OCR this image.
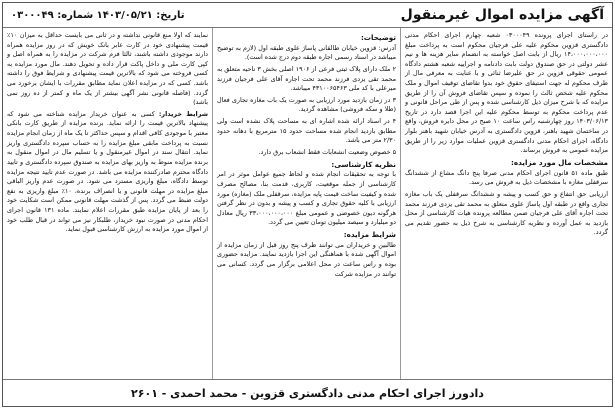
آگهی مزایده اموال غیرمنقول
تاریخ: ۱۴۰۳/۰۵/۲۱ شماره: ۰۳۰۰۰۴۹

در راستای اجرای پرونده ۰۳۰۰۰۴۹ شعبه چهارم اجرای احکام مدنی دادگستری قزوین محکوم علیه علی فرجیان محکوم است به پرداخت مبلغ ۱۴،۰۰۰،۰۰۰،۰۰۰ ریال از بابت اصل خواسته به انضمام سایر هزینه ها و نیم عشر دولتی در حق صندوق دولت بابت دادنامه و اجراییه شعبه هشتم دادگاه عمومی حقوقی قزوین در حق علیرضا ثنائی و با عنایت به معرفی مال از طرف محکوم له جهت استیفای حقوق خود بدوا تقاضای توقیف اموال و ملک محکوم علیه شخص ثالث را نموده و سپس تقاضای فروش آن را از طریق مزایده که با شرح میزان ذیل کارشناسی شده و پس از طی مراحل قانونی و عدم پرداخت محکوم به توسط محکوم علیه این اجرا قصد دارد در تاریخ ۱۴۰۳/۰۶/۱۳ روز چهارشنبه راس ساعت ۱۰ صبح در محل دایره فروش، واقع در ساختمان شهید باهنر، قزوین دادگستری به آدرس خیابان شهید باهنر بلوار دادگاه، اجرای احکام مدنی دادگستری قزوین عملیات موارد زیر را از طریق مزایده عمومی به فروش برساند.

مشخصات مال مورد مزایده:

طبق ماده ۵۱ قانون اجرای احکام مدنی صرفا پنج دانگ مشاع از ششدانگ سرقفلی مغازه با مشخصات ذیل به فروش می رسد.

ارزیابی حق انتفاع و حق کسب و پیشه و ششدانگ سرقفلی یک باب مغازه تجاری واقع در طبقه اول پاساژ علوی متعلق به محمد تقی یزدی فرزند محمد تحت اجاره آقای علی فرجیان ضمن مطالعه پرونده هیات کارشناسی از محل بازدید به عمل آورده و نظریه کارشناسی به شرح ذیل به حضور تقدیم می گردد.

توضیحات:

آدرس: قزوین خیابان طالقانی پاساژ علوی طبقه اول (لازم به توضیح میباشد در اسناد رسمی اجاره طبقه دوم درج شده است).

۲ ملک دارای پلاک ثبتی فرعی از ۱۹۰۶ اصلی بخش ۳ ناحیه متعلق به محمد تقی یزدی فرزند محمد تحت اجاره آقای علی فرجیان فرزند میرعلی با کد ملی ۴۳۱۰۰۶۵۴۶۳ میباشد.

۳ در زمان بازدید مورد ارزیابی به صورت یک باب مغازه تجاری فعال (طلا و سکه فروشی) مشاهده گردید.

۴ در اسناد ارائه شده اشاره ای به مساحت پلاک نشده است ولی مطابق بازدید انجام شده مساحت حدود ۱۵ مترمربع با دهانه حدود ۲/۳۰ متر می باشد.

۵ خصوص وضعیت انشعابات فقط انشعاب برق دارد.

نظریه کارشناسی:

با توجه به تحقیقات انجام شده و لحاظ جمیع عوامل موثر در امر کارشناسی از جمله موقعیت، کاربری، قدمت بنا، مصالح مصرف شده و کیفیت ساخت قیمت پایه مزایده، سرقفلی ملک (مغازه) مورد ارزیابی با کلیه حقوق تجاری و کسب و پیشه و بدون در نظر گرفتن هرگونه دیون خصوصی و عمومی مبلغ ۳۳،۰۰۰،۰۰۰،۰۰۰ ریال معادل دو میلیارد و سیصد میلیون تومان تعیین می گردد.

شرایط مزایده:

طالبین و خریداران می توانند ظرف پنج روز قبل از زمان مزایده از اموال آگهی شده با هماهنگی این اجرا بازدید نمایند. مزایده حضوری بوده و راس ساعت در محل اعلامی برگزار می گردد. کسانی می توانند در مزایده شرکت

نمایند که اولا منع قانونی نداشته و در ثانی می بایست حداقل به میزان ۱۰٪ قیمت پیشنهادی خود در کارت عابر بانک خویش که در روز مزایده همراه دارند موجودی داشته باشند، ثالثا فرم شرکت در مزایده را به همراه اصل و کپی کارت ملی و داخل پاکت قرار داده و تحویل دهند. مال مورد مزایده به کسی فروخته می شود که بالاترین قیمت پیشنهادی و شرایط فوق را داشته باشد. کسی که در مزایده اعلان نماید مطابق مقررات با ایشان برخورد می گردد. (فاصله قانونی نشر آگهی بیشتر از یک ماه و کمتر از ده روز نمی باشد)

شرایط خریدار: کسی به عنوان خریدار مزایده شناخته می شود که پیشنهاد بالاترین قیمت را ارائه نماید. برنده مزایده از طریق کارت بانکی معتبر با موجودی کافی اقدام و سپس حداکثر تا یک ماه از زمان انجام مزایده نسبت به پرداخت مابقی مبلغ مزایده را به حساب سپرده دادگستری واریز نماید. انتقال سند در اموال غیرمنقول و یا تسلیم مال در اموال منقول به برنده مزایده منوط به واریز بهای مزایده به صندوق سپرده دادگستری و تایید دادگاه محترم صادرکننده مزایده می باشد. در صورت عدم تایید نتیجه مزایده توسط دادگاه، مبلغ واریزی مسترد می شود. در صورت عدم واریز الباقی مبلغ مزایده در مهلت قانونی و یا انصراف برنده، ۱۰٪ مبلغ واریزی به نفع دولت ضبط می گردد. پس از گذشت مهلت قانونی ممکن است شکایت خود را بعد از پایان مزایده طبق مقررات اعلام نمایند. ماده ۱۳۱ قانون اجرای احکام مدنی در صورت نبود خریدار، طلبکار نیز می تواند در قبال طلب خود از اموال مورد مزایده به ارزش کارشناسی قبول نماید.

دادورز اجرای احکام مدنی دادگستری قزوین - محمد احمدی - ۲۶۰۱
